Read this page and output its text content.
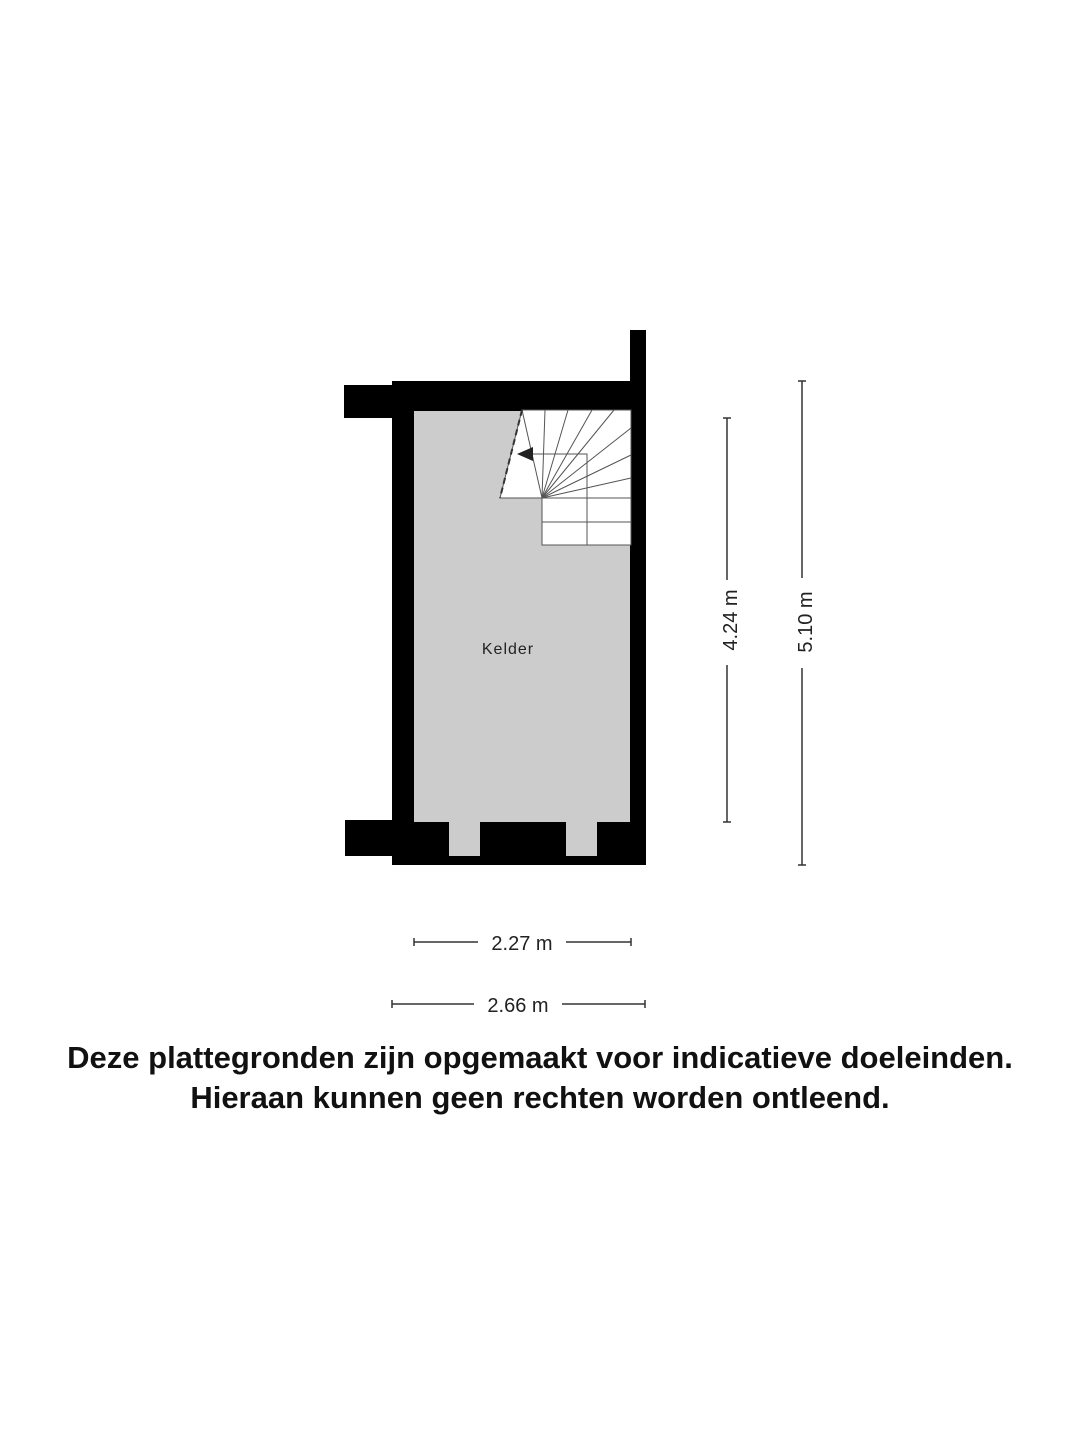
Kelder	4.24 m	5.10 m
2.27 m
2.66 m

Deze plattegronden zijn opgemaakt voor indicatieve doeleinden.

Hieraan kunnen geen rechten worden ontleend.
